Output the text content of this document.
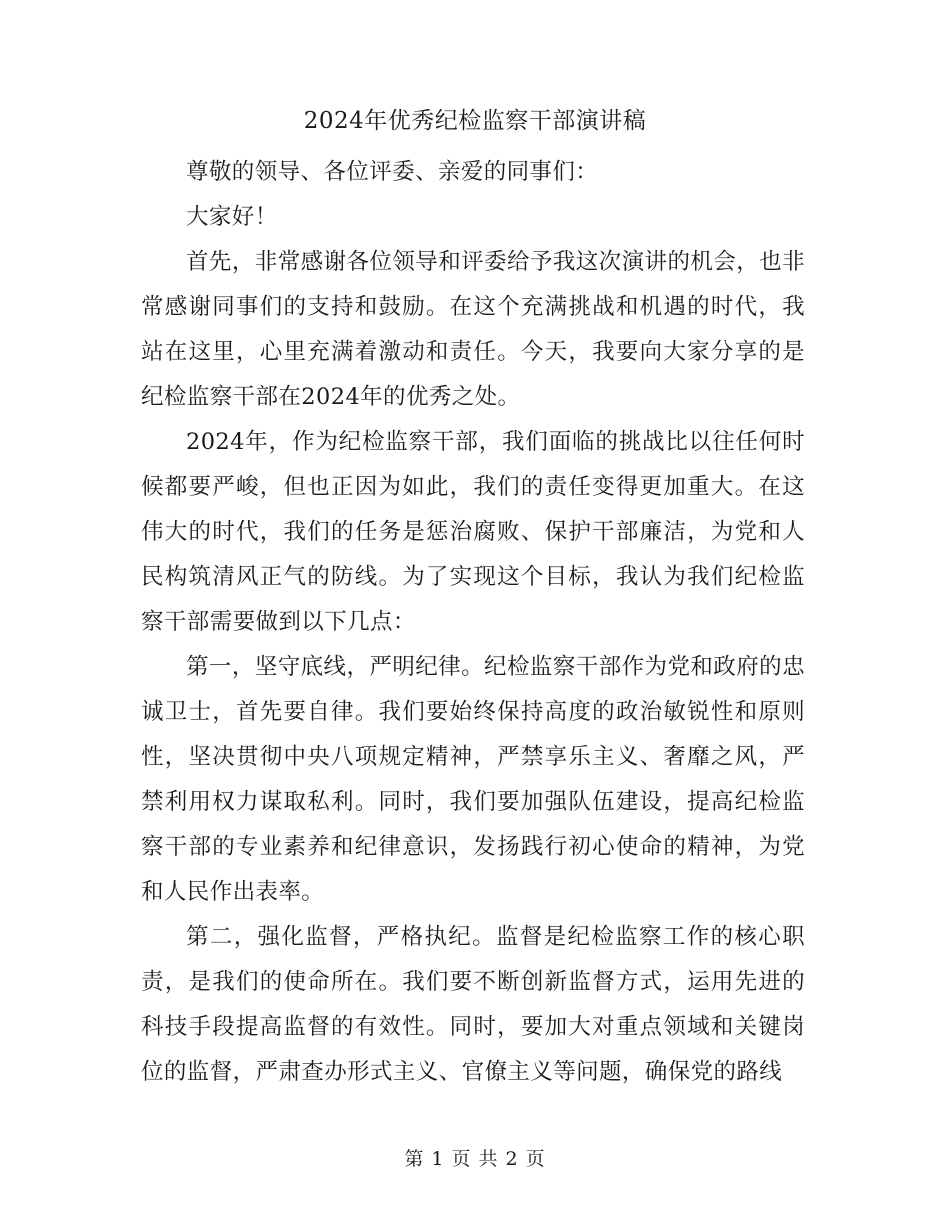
2024年优秀纪检监察干部演讲稿

尊敬的领导、各位评委、亲爱的同事们：

大家好！

首先，非常感谢各位领导和评委给予我这次演讲的机会，也非常感谢同事们的支持和鼓励。在这个充满挑战和机遇的时代，我站在这里，心里充满着激动和责任。今天，我要向大家分享的是纪检监察干部在2024年的优秀之处。

2024年，作为纪检监察干部，我们面临的挑战比以往任何时候都要严峻，但也正因为如此，我们的责任变得更加重大。在这伟大的时代，我们的任务是惩治腐败、保护干部廉洁，为党和人民构筑清风正气的防线。为了实现这个目标，我认为我们纪检监察干部需要做到以下几点：

第一，坚守底线，严明纪律。纪检监察干部作为党和政府的忠诚卫士，首先要自律。我们要始终保持高度的政治敏锐性和原则性，坚决贯彻中央八项规定精神，严禁享乐主义、奢靡之风，严禁利用权力谋取私利。同时，我们要加强队伍建设，提高纪检监察干部的专业素养和纪律意识，发扬践行初心使命的精神，为党和人民作出表率。

第二，强化监督，严格执纪。监督是纪检监察工作的核心职责，是我们的使命所在。我们要不断创新监督方式，运用先进的科技手段提高监督的有效性。同时，要加大对重点领域和关键岗位的监督，严肃查办形式主义、官僚主义等问题，确保党的路线

第 1 页 共 2 页
